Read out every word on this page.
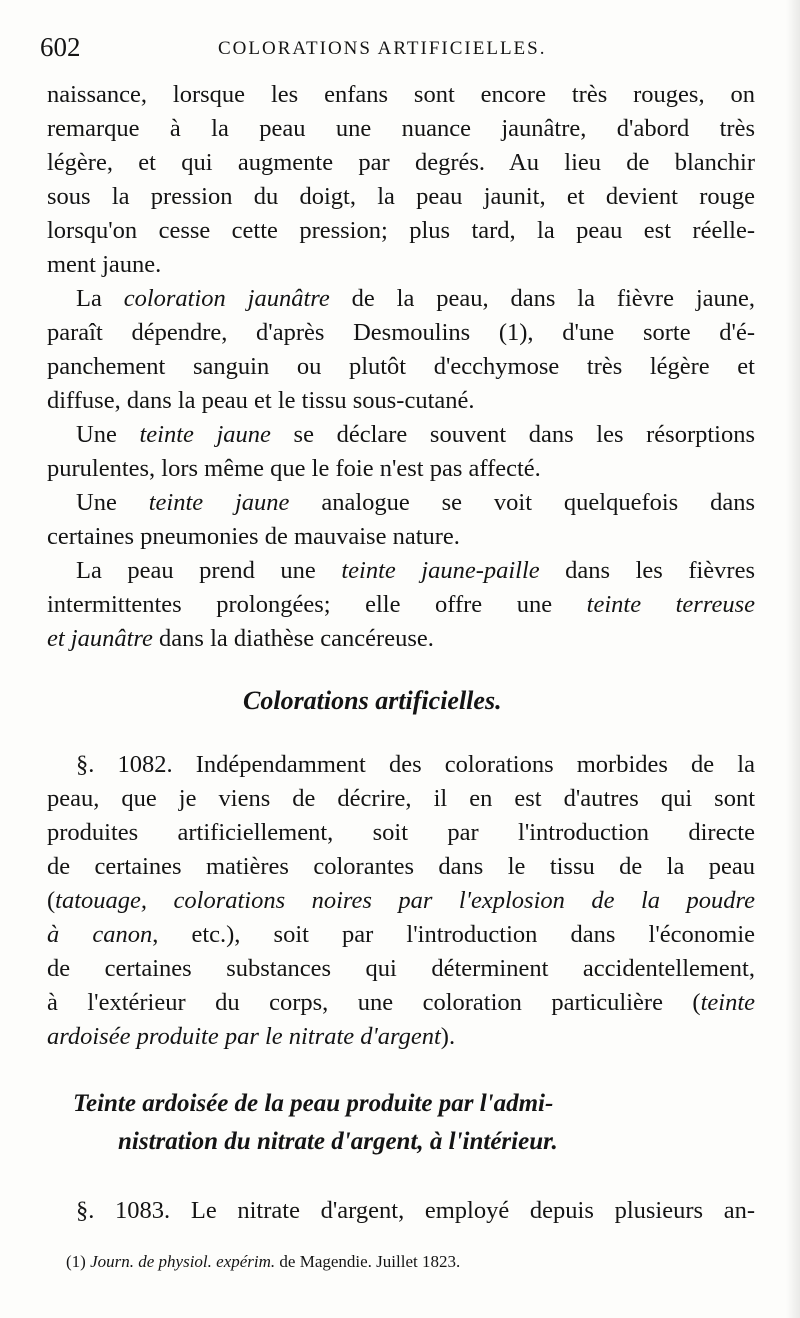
602	COLORATIONS ARTIFICIELLES.
naissance, lorsque les enfans sont encore très rouges, on
remarque à la peau une nuance jaunâtre, d'abord très
légère, et qui augmente par degrés. Au lieu de blanchir
sous la pression du doigt, la peau jaunit, et devient rouge
lorsqu'on cesse cette pression; plus tard, la peau est réelle-
ment jaune.
La coloration jaunâtre de la peau, dans la fièvre jaune,
paraît dépendre, d'après Desmoulins (1), d'une sorte d'é-
panchement sanguin ou plutôt d'ecchymose très légère et
diffuse, dans la peau et le tissu sous-cutané.
Une teinte jaune se déclare souvent dans les résorptions
purulentes, lors même que le foie n'est pas affecté.
Une teinte jaune analogue se voit quelquefois dans
certaines pneumonies de mauvaise nature.
La peau prend une teinte jaune-paille dans les fièvres
intermittentes prolongées; elle offre une teinte terreuse
et jaunâtre dans la diathèse cancéreuse.
Colorations artificielles.
§. 1082. Indépendamment des colorations morbides de la
peau, que je viens de décrire, il en est d'autres qui sont
produites artificiellement, soit par l'introduction directe
de certaines matières colorantes dans le tissu de la peau
(tatouage, colorations noires par l'explosion de la poudre
à canon, etc.), soit par l'introduction dans l'économie
de certaines substances qui déterminent accidentellement,
à l'extérieur du corps, une coloration particulière (teinte
ardoisée produite par le nitrate d'argent).
Teinte ardoisée de la peau produite par l'admi-
nistration du nitrate d'argent, à l'intérieur.
§. 1083. Le nitrate d'argent, employé depuis plusieurs an-
(1) Journ. de physiol. expérim. de Magendie. Juillet 1823.
